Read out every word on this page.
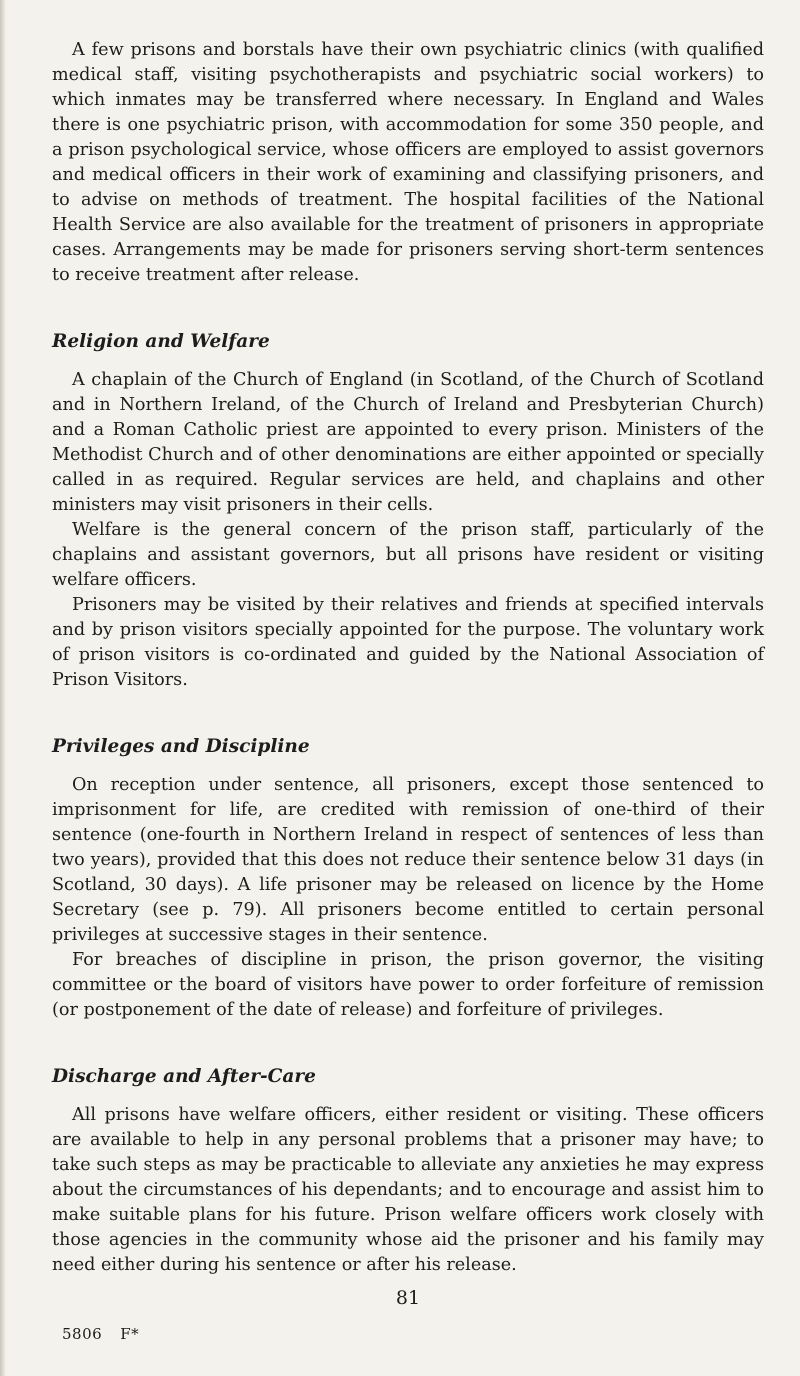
A few prisons and borstals have their own psychiatric clinics (with qualified medical staff, visiting psychotherapists and psychiatric social workers) to which inmates may be transferred where necessary. In England and Wales there is one psychiatric prison, with accommodation for some 350 people, and a prison psychological service, whose officers are employed to assist governors and medical officers in their work of examining and classifying prisoners, and to advise on methods of treatment. The hospital facilities of the National Health Service are also available for the treatment of prisoners in appropriate cases. Arrangements may be made for prisoners serving short-term sentences to receive treatment after release.

Religion and Welfare

A chaplain of the Church of England (in Scotland, of the Church of Scotland and in Northern Ireland, of the Church of Ireland and Presbyterian Church) and a Roman Catholic priest are appointed to every prison. Ministers of the Methodist Church and of other denominations are either appointed or specially called in as required. Regular services are held, and chaplains and other ministers may visit prisoners in their cells.

Welfare is the general concern of the prison staff, particularly of the chaplains and assistant governors, but all prisons have resident or visiting welfare officers.

Prisoners may be visited by their relatives and friends at specified intervals and by prison visitors specially appointed for the purpose. The voluntary work of prison visitors is co-ordinated and guided by the National Association of Prison Visitors.

Privileges and Discipline

On reception under sentence, all prisoners, except those sentenced to imprisonment for life, are credited with remission of one-third of their sentence (one-fourth in Northern Ireland in respect of sentences of less than two years), provided that this does not reduce their sentence below 31 days (in Scotland, 30 days). A life prisoner may be released on licence by the Home Secretary (see p. 79). All prisoners become entitled to certain personal privileges at successive stages in their sentence.

For breaches of discipline in prison, the prison governor, the visiting committee or the board of visitors have power to order forfeiture of remission (or postponement of the date of release) and forfeiture of privileges.

Discharge and After-Care

All prisons have welfare officers, either resident or visiting. These officers are available to help in any personal problems that a prisoner may have; to take such steps as may be practicable to alleviate any anxieties he may express about the circumstances of his dependants; and to encourage and assist him to make suitable plans for his future. Prison welfare officers work closely with those agencies in the community whose aid the prisoner and his family may need either during his sentence or after his release.

81
5806 F*
